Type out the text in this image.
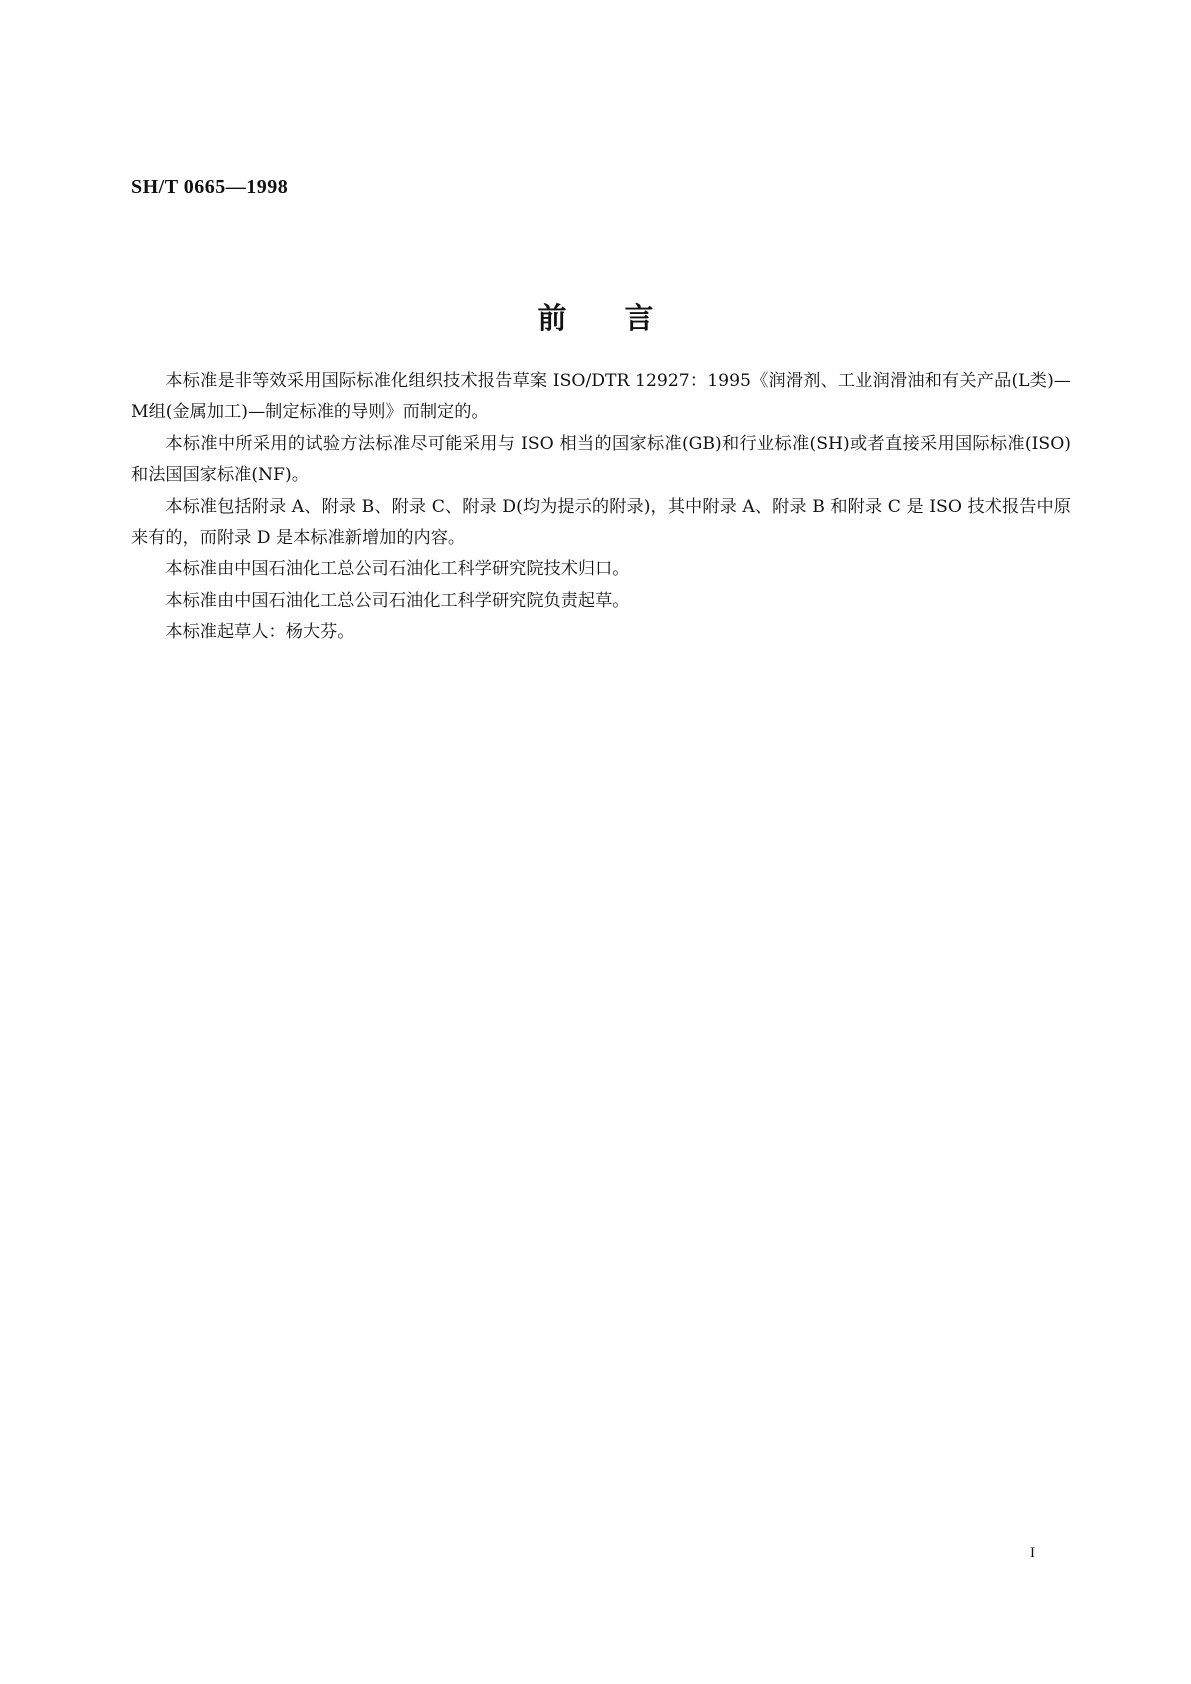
SH/T 0665—1998
前言

本标准是非等效采用国际标准化组织技术报告草案 ISO/DTR 12927：1995《润滑剂、工业润滑油和有关产品(L类)—M组(金属加工)—制定标准的导则》而制定的。

本标准中所采用的试验方法标准尽可能采用与 ISO 相当的国家标准(GB)和行业标准(SH)或者直接采用国际标准(ISO)和法国国家标准(NF)。

本标准包括附录 A、附录 B、附录 C、附录 D(均为提示的附录)，其中附录 A、附录 B 和附录 C 是 ISO 技术报告中原来有的，而附录 D 是本标准新增加的内容。

本标准由中国石油化工总公司石油化工科学研究院技术归口。

本标准由中国石油化工总公司石油化工科学研究院负责起草。

本标准起草人：杨大芬。

I
